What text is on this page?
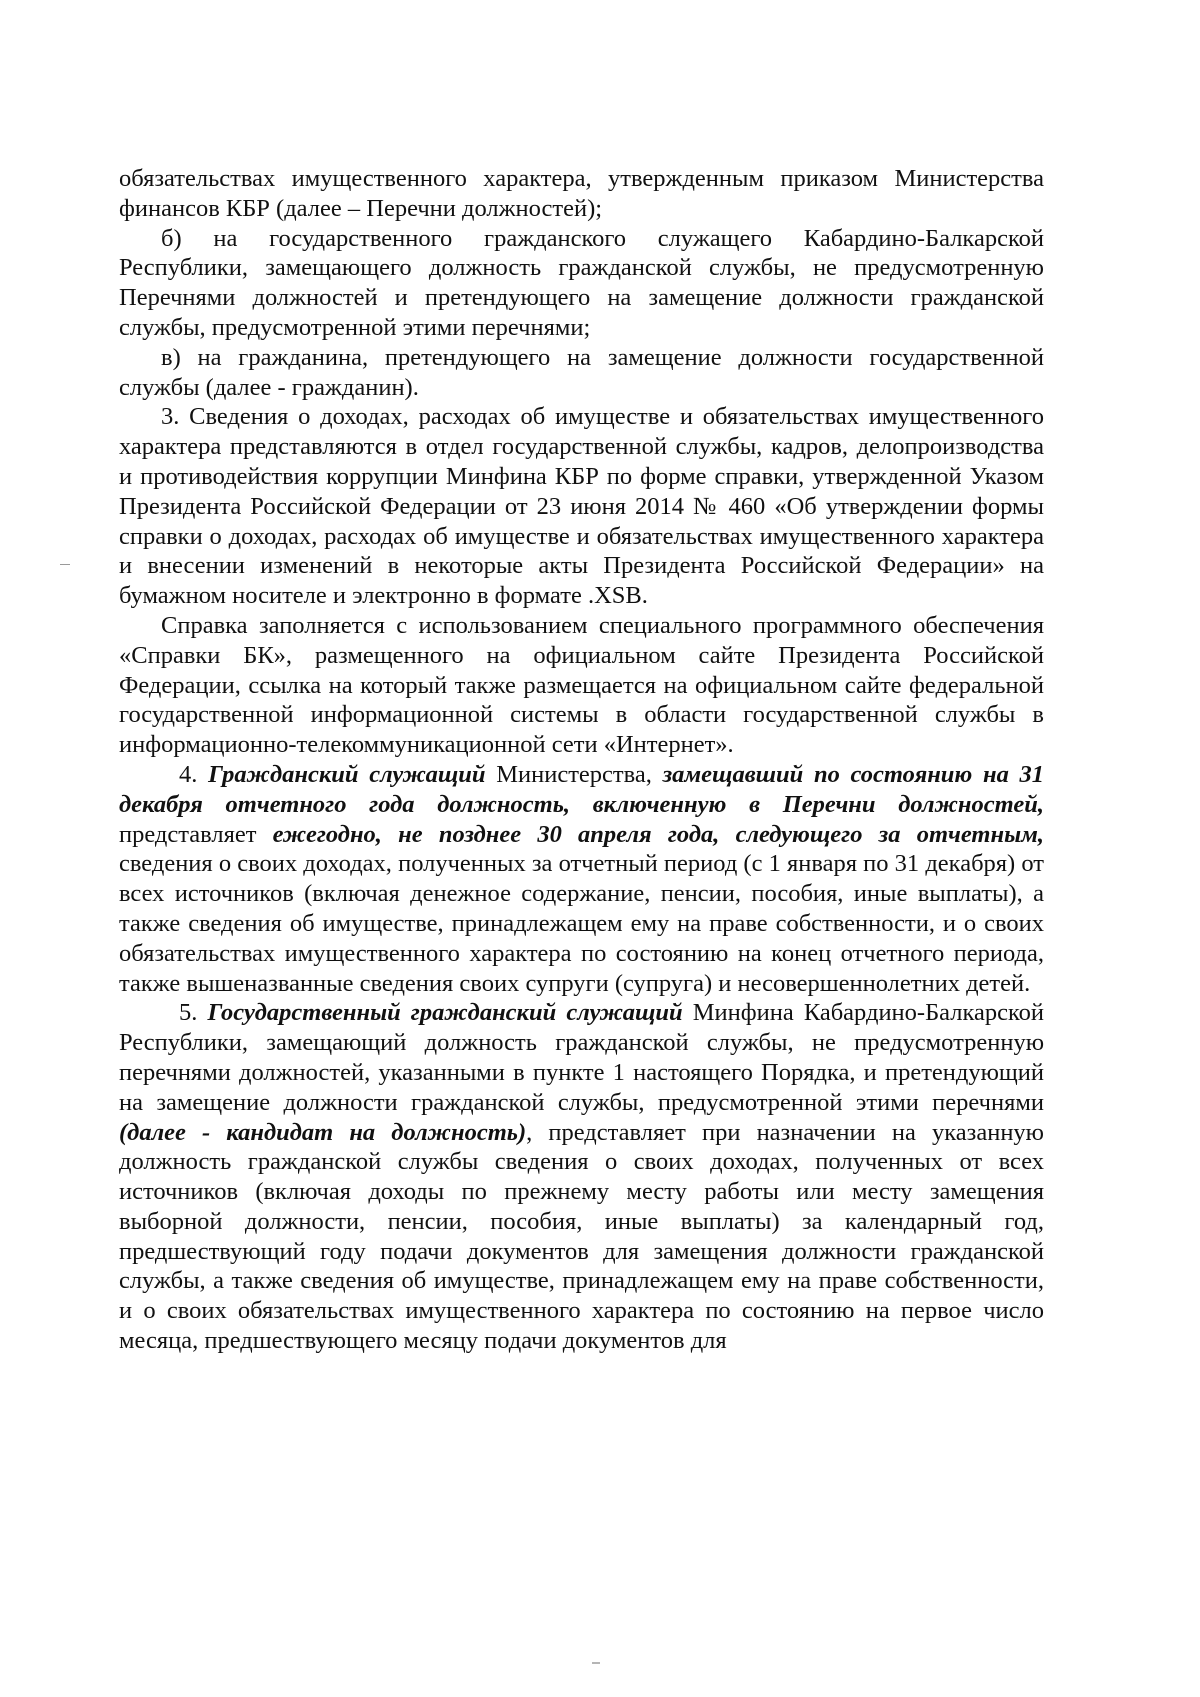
обязательствах имущественного характера, утвержденным приказом Министерства финансов КБР (далее – Перечни должностей);

б) на государственного гражданского служащего Кабардино-Балкарской Республики, замещающего должность гражданской службы, не предусмотренную Перечнями должностей и претендующего на замещение должности гражданской службы, предусмотренной этими перечнями;

в) на гражданина, претендующего на замещение должности государственной службы (далее - гражданин).

3. Сведения о доходах, расходах об имуществе и обязательствах имущественного характера представляются в отдел государственной службы, кадров, делопроизводства и противодействия коррупции Минфина КБР по форме справки, утвержденной Указом Президента Российской Федерации от 23 июня 2014 № 460 «Об утверждении формы справки о доходах, расходах об имуществе и обязательствах имущественного характера и внесении изменений в некоторые акты Президента Российской Федерации» на бумажном носителе и электронно в формате .XSB.

Справка заполняется с использованием специального программного обеспечения «Справки БК», размещенного на официальном сайте Президента Российской Федерации, ссылка на который также размещается на официальном сайте федеральной государственной информационной системы в области государственной службы в информационно-телекоммуникационной сети «Интернет».

4. Гражданский служащий Министерства, замещавший по состоянию на 31 декабря отчетного года должность, включенную в Перечни должностей, представляет ежегодно, не позднее 30 апреля года, следующего за отчетным, сведения о своих доходах, полученных за отчетный период (с 1 января по 31 декабря) от всех источников (включая денежное содержание, пенсии, пособия, иные выплаты), а также сведения об имуществе, принадлежащем ему на праве собственности, и о своих обязательствах имущественного характера по состоянию на конец отчетного периода, также вышеназванные сведения своих супруги (супруга) и несовершеннолетних детей.

5. Государственный гражданский служащий Минфина Кабардино-Балкарской Республики, замещающий должность гражданской службы, не предусмотренную перечнями должностей, указанными в пункте 1 настоящего Порядка, и претендующий на замещение должности гражданской службы, предусмотренной этими перечнями (далее - кандидат на должность), представляет при назначении на указанную должность гражданской службы сведения о своих доходах, полученных от всех источников (включая доходы по прежнему месту работы или месту замещения выборной должности, пенсии, пособия, иные выплаты) за календарный год, предшествующий году подачи документов для замещения должности гражданской службы, а также сведения об имуществе, принадлежащем ему на праве собственности, и о своих обязательствах имущественного характера по состоянию на первое число месяца, предшествующего месяцу подачи документов для
